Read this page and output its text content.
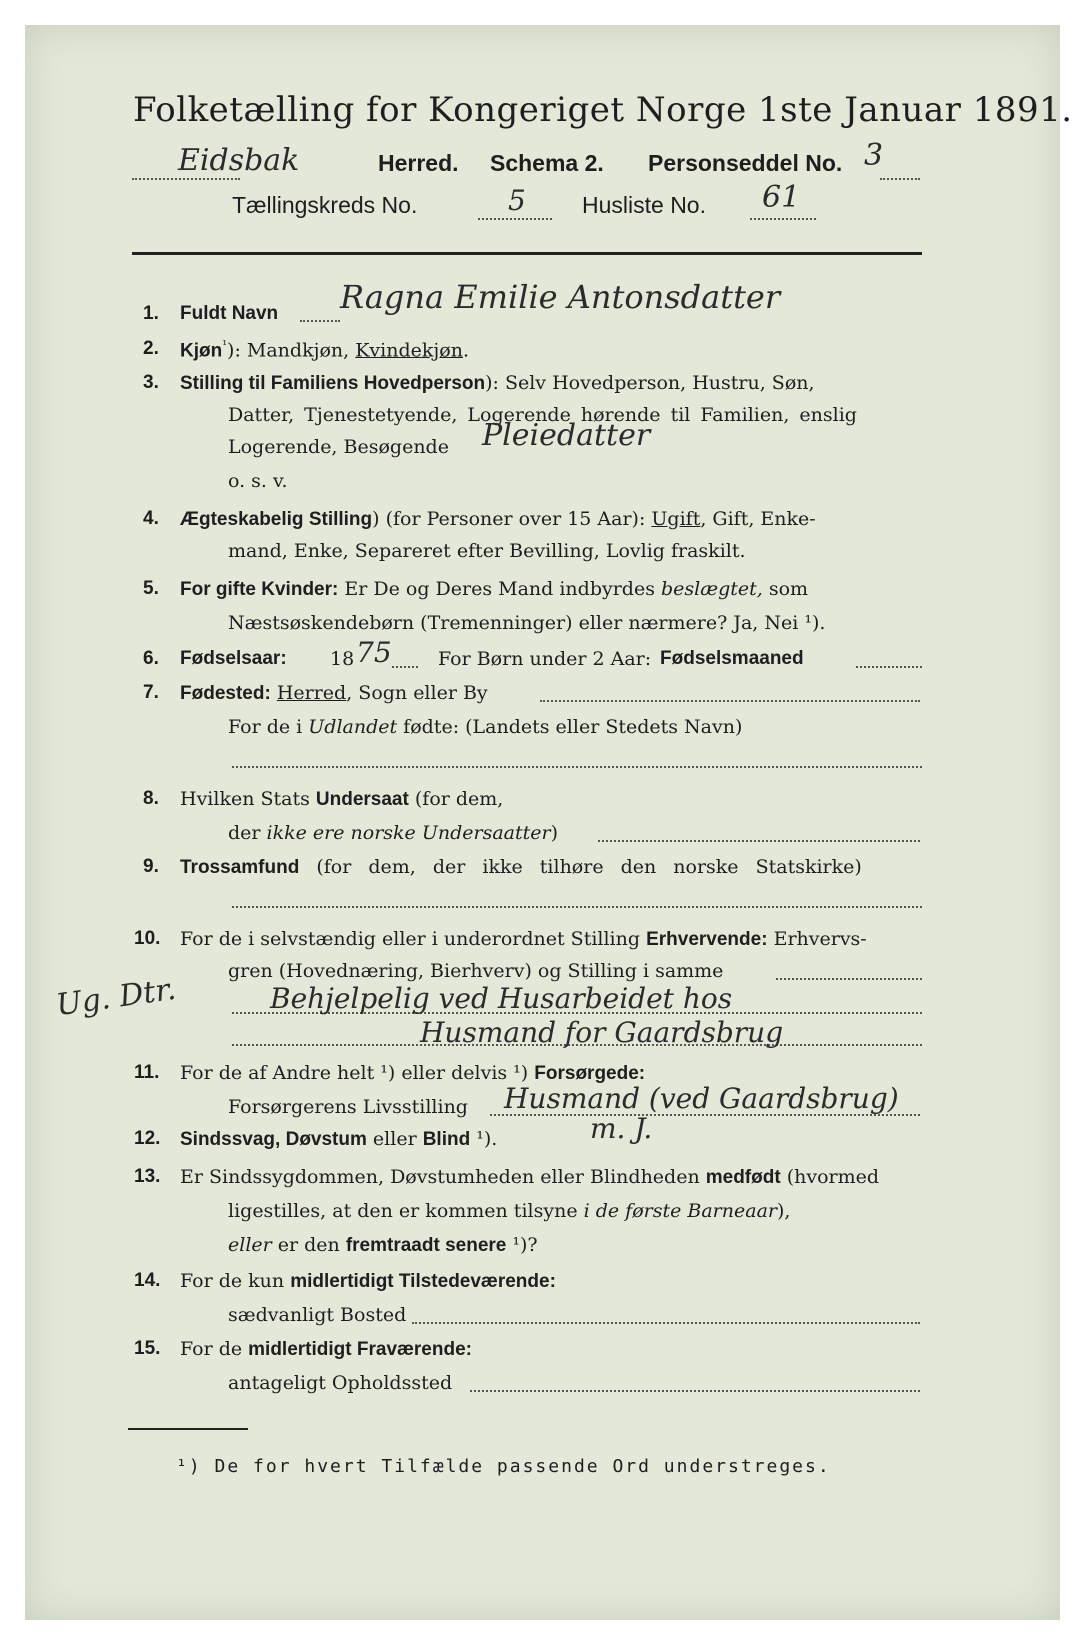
Folketælling for Kongeriget Norge 1ste Januar 1891.
Eidsbak	Herred. Schema 2. Personseddel No. 3
Tællingskreds No.	5 Husliste No. 61
1. Fuldt Navn Ragna Emilie Antonsdatter
2. Kjøn$^{^1}$): Mandkjøn, Kvindekjøn.
3. Stilling til Familiens Hovedperson): Selv Hovedperson, Hustru, Søn,
Datter, Tjenestetyende, Logerende hørende til Familien, enslig
Logerende, Besøgende Pleiedatter
o. s. v.
4. Ægteskabelig Stilling) (for Personer over 15 Aar): Ugift, Gift, Enke-
mand, Enke, Separeret efter Bevilling, Lovlig fraskilt.
5. For gifte Kvinder: Er De og Deres Mand indbyrdes beslægtet, som
Næstsøskendebørn (Tremenninger) eller nærmere? Ja, Nei ¹).
6. Fødselsaar: 18 75 For Børn under 2 Aar: Fødselsmaaned
7. Fødested: Herred, Sogn eller By
For de i Udlandet fødte: (Landets eller Stedets Navn)
8. Hvilken Stats Undersaat (for dem,
der ikke ere norske Undersaatter)
9. Trossamfund (for dem, der ikke tilhøre den norske Statskirke)
10. For de i selvstændig eller i underordnet Stilling Erhvervende: Erhvervs-
gren (Hovednæring, Bierhverv) og Stilling i samme
Behjelpelig ved Husarbeidet hos
Husmand for Gaardsbrug
Ug. Dtr.
11. For de af Andre helt ¹) eller delvis ¹) Forsørgede:
Forsørgerens Livsstilling Husmand (ved Gaardsbrug)
12. Sindssvag, Døvstum eller Blind ¹).	m. J.
13. Er Sindssygdommen, Døvstumheden eller Blindheden medfødt (hvormed
ligestilles, at den er kommen tilsyne i de første Barneaar),
eller er den fremtraadt senere ¹)?
14. For de kun midlertidigt Tilstedeværende:
sædvanligt Bosted
15. For de midlertidigt Fraværende:
antageligt Opholdssted
¹) De for hvert Tilfælde passende Ord understreges.
